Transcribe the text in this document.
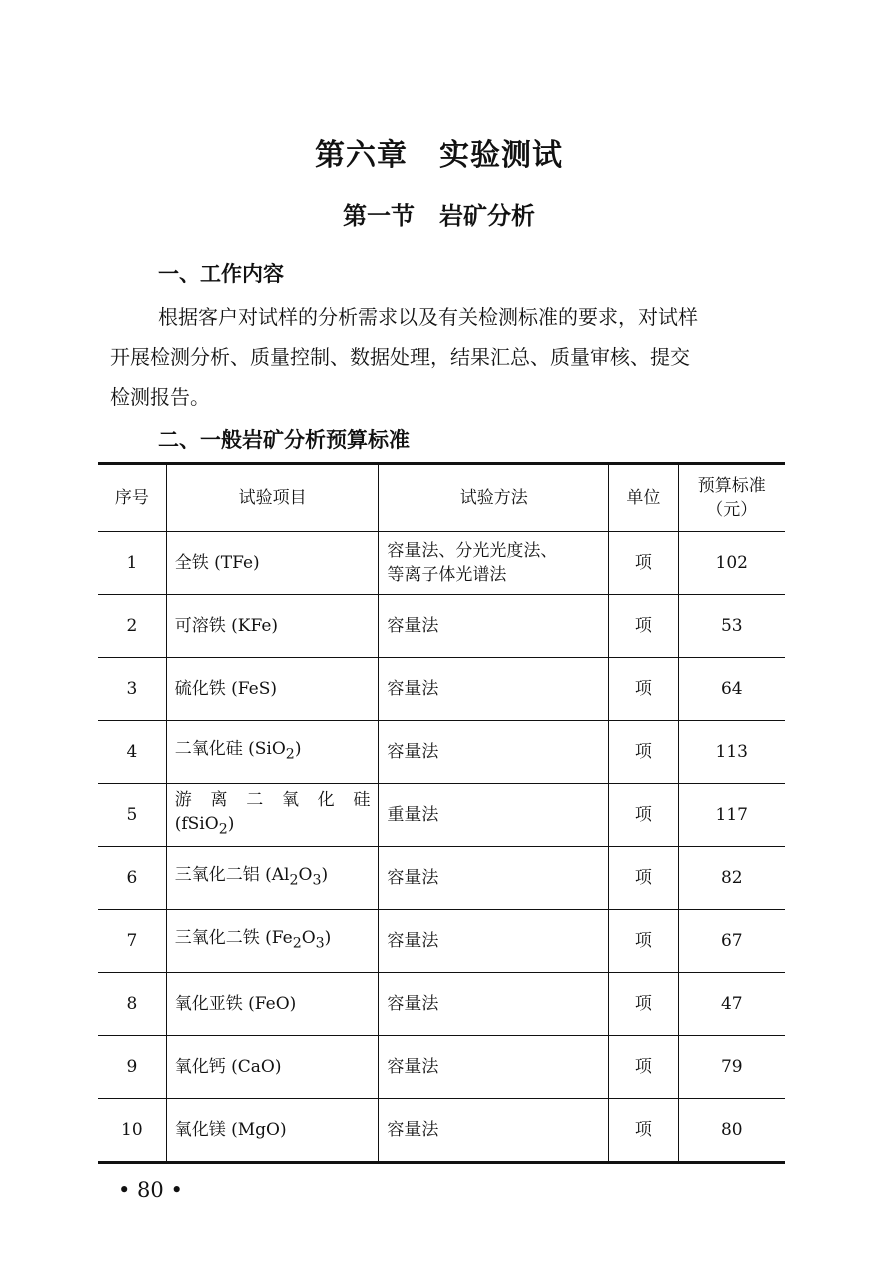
第六章　实验测试
第一节　岩矿分析
一、工作内容
根据客户对试样的分析需求以及有关检测标准的要求，对试样
开展检测分析、质量控制、数据处理，结果汇总、质量审核、提交
检测报告。
二、一般岩矿分析预算标准
序号	试验项目	试验方法	单位	预算标准
（元）
1	全铁 (TFe)	容量法、分光光度法、
等离子体光谱法	项	102
2	可溶铁 (KFe)	容量法	项	53
3	硫化铁 (FeS)	容量法	项	64
4	二氧化硅 (SiO$_2$)	容量法	项	113
5	游 离 二 氧 化 硅
(fSiO$_2$)	重量法	项	117
6	三氧化二铝 $(Al_2O_3)$	容量法	项	82
7	三氧化二铁 $(Fe_2O_3)$	容量法	项	67
8	氧化亚铁 (FeO)	容量法	项	47
9	氧化钙 (CaO)	容量法	项	79
10	氧化镁 (MgO)	容量法	项	80
• 80 •
